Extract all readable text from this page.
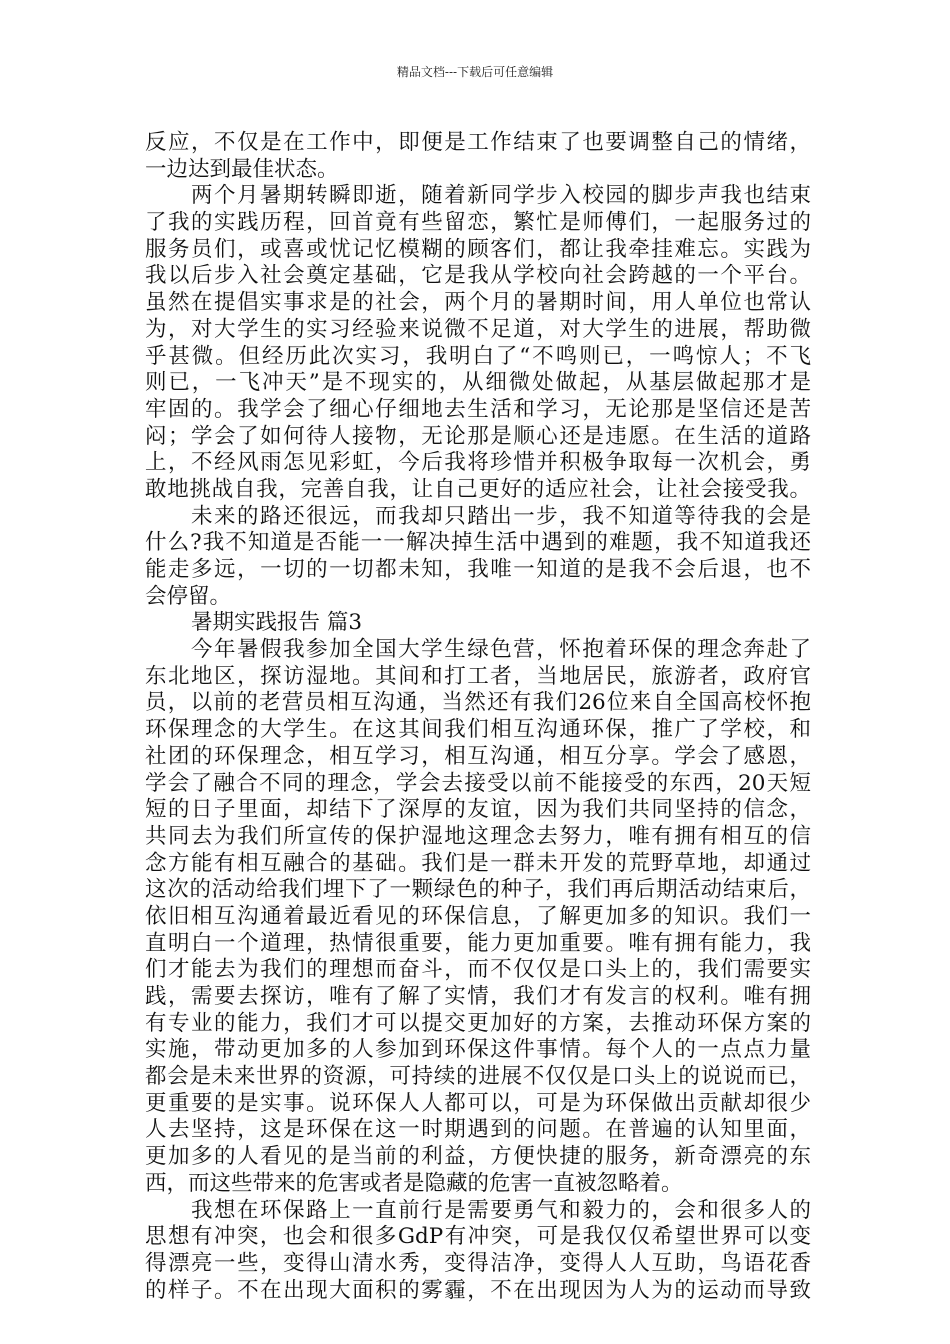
精品文档---下载后可任意编辑
反应，不仅是在工作中，即便是工作结束了也要调整自己的情绪，
一边达到最佳状态。
两个月暑期转瞬即逝，随着新同学步入校园的脚步声我也结束
了我的实践历程，回首竟有些留恋，繁忙是师傅们，一起服务过的
服务员们，或喜或忧记忆模糊的顾客们，都让我牵挂难忘。实践为
我以后步入社会奠定基础，它是我从学校向社会跨越的一个平台。
虽然在提倡实事求是的社会，两个月的暑期时间，用人单位也常认
为，对大学生的实习经验来说微不足道，对大学生的进展，帮助微
乎甚微。但经历此次实习，我明白了“不鸣则已，一鸣惊人；不飞
则已，一飞冲天”是不现实的，从细微处做起，从基层做起那才是
牢固的。我学会了细心仔细地去生活和学习，无论那是坚信还是苦
闷；学会了如何待人接物，无论那是顺心还是违愿。在生活的道路
上，不经风雨怎见彩虹，今后我将珍惜并积极争取每一次机会，勇
敢地挑战自我，完善自我，让自己更好的适应社会，让社会接受我。
未来的路还很远，而我却只踏出一步，我不知道等待我的会是
什么?我不知道是否能一一解决掉生活中遇到的难题，我不知道我还
能走多远，一切的一切都未知，我唯一知道的是我不会后退，也不
会停留。
暑期实践报告 篇3
今年暑假我参加全国大学生绿色营，怀抱着环保的理念奔赴了
东北地区，探访湿地。其间和打工者，当地居民，旅游者，政府官
员，以前的老营员相互沟通，当然还有我们26位来自全国高校怀抱
环保理念的大学生。在这其间我们相互沟通环保，推广了学校，和
社团的环保理念，相互学习，相互沟通，相互分享。学会了感恩，
学会了融合不同的理念，学会去接受以前不能接受的东西，20天短
短的日子里面，却结下了深厚的友谊，因为我们共同坚持的信念，
共同去为我们所宣传的保护湿地这理念去努力，唯有拥有相互的信
念方能有相互融合的基础。我们是一群未开发的荒野草地，却通过
这次的活动给我们埋下了一颗绿色的种子，我们再后期活动结束后，
依旧相互沟通着最近看见的环保信息，了解更加多的知识。我们一
直明白一个道理，热情很重要，能力更加重要。唯有拥有能力，我
们才能去为我们的理想而奋斗，而不仅仅是口头上的，我们需要实
践，需要去探访，唯有了解了实情，我们才有发言的权利。唯有拥
有专业的能力，我们才可以提交更加好的方案，去推动环保方案的
实施，带动更加多的人参加到环保这件事情。每个人的一点点力量
都会是未来世界的资源，可持续的进展不仅仅是口头上的说说而已，
更重要的是实事。说环保人人都可以，可是为环保做出贡献却很少
人去坚持，这是环保在这一时期遇到的问题。在普遍的认知里面，
更加多的人看见的是当前的利益，方便快捷的服务，新奇漂亮的东
西，而这些带来的危害或者是隐藏的危害一直被忽略着。
我想在环保路上一直前行是需要勇气和毅力的，会和很多人的
思想有冲突，也会和很多GdP有冲突，可是我仅仅希望世界可以变
得漂亮一些，变得山清水秀，变得洁净，变得人人互助，鸟语花香
的样子。不在出现大面积的雾霾，不在出现因为人为的运动而导致
